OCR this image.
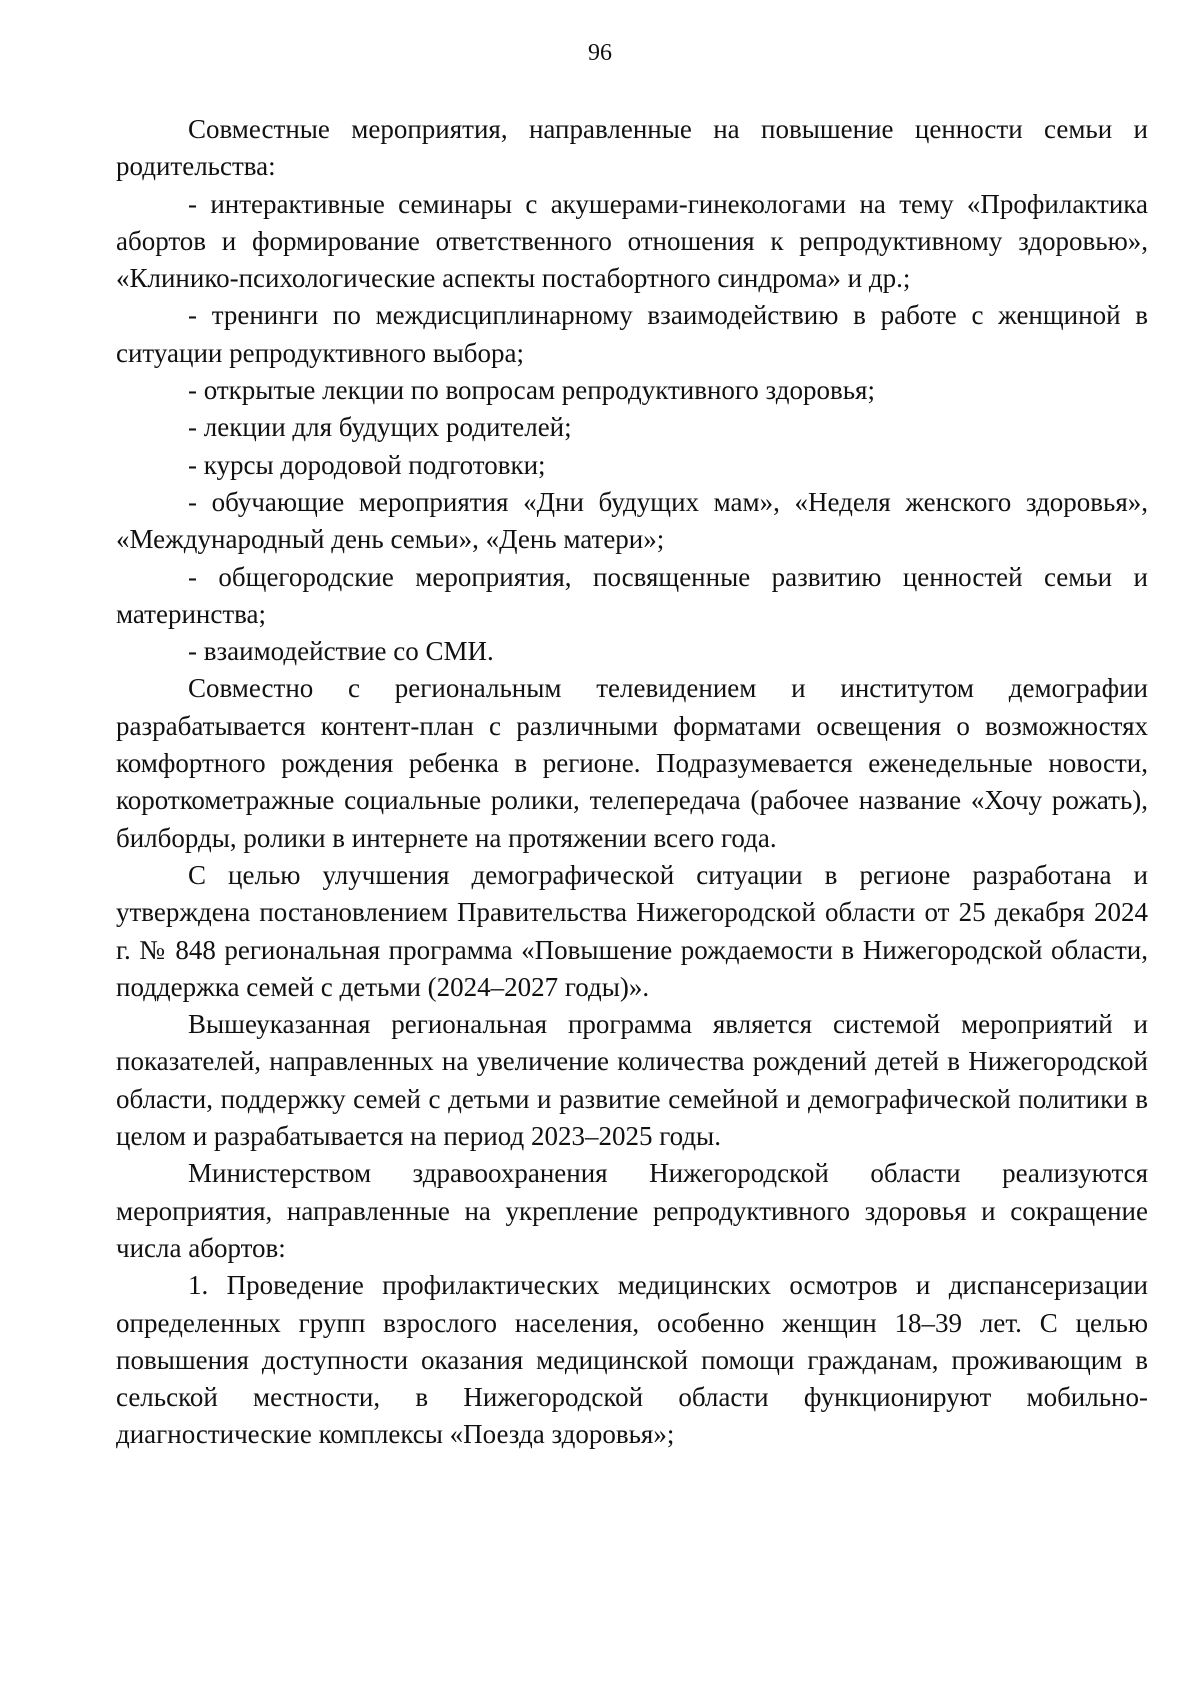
96

Совместные мероприятия, направленные на повышение ценности семьи и родительства:

- интерактивные семинары с акушерами-гинекологами на тему «Профилактика абортов и формирование ответственного отношения к репродуктивному здоровью», «Клинико-психологические аспекты постабортного синдрома» и др.;

- тренинги по междисциплинарному взаимодействию в работе с женщиной в ситуации репродуктивного выбора;

- открытые лекции по вопросам репродуктивного здоровья;

- лекции для будущих родителей;

- курсы дородовой подготовки;

- обучающие мероприятия «Дни будущих мам», «Неделя женского здоровья», «Международный день семьи», «День матери»;

- общегородские мероприятия, посвященные развитию ценностей семьи и материнства;

- взаимодействие со СМИ.

Совместно с региональным телевидением и институтом демографии разрабатывается контент-план с различными форматами освещения о возможностях комфортного рождения ребенка в регионе. Подразумевается еженедельные новости, короткометражные социальные ролики, телепередача (рабочее название «Хочу рожать), билборды, ролики в интернете на протяжении всего года.

С целью улучшения демографической ситуации в регионе разработана и утверждена постановлением Правительства Нижегородской области от 25 декабря 2024 г. № 848 региональная программа «Повышение рождаемости в Нижегородской области, поддержка семей с детьми (2024–2027 годы)».

Вышеуказанная региональная программа является системой мероприятий и показателей, направленных на увеличение количества рождений детей в Нижегородской области, поддержку семей с детьми и развитие семейной и демографической политики в целом и разрабатывается на период 2023–2025 годы.

Министерством здравоохранения Нижегородской области реализуются мероприятия, направленные на укрепление репродуктивного здоровья и сокращение числа абортов:

1. Проведение профилактических медицинских осмотров и диспансеризации определенных групп взрослого населения, особенно женщин 18–39 лет. С целью повышения доступности оказания медицинской помощи гражданам, проживающим в сельской местности, в Нижегородской области функционируют мобильно-диагностические комплексы «Поезда здоровья»;
